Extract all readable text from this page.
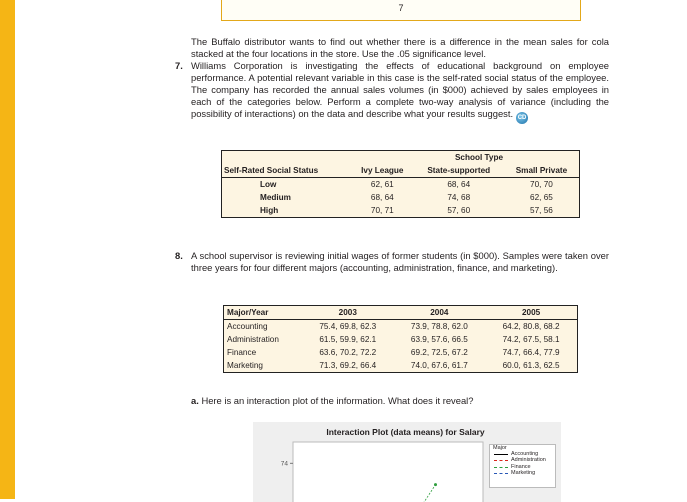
7

The Buffalo distributor wants to find out whether there is a difference in the mean sales for cola stacked at the four locations in the store. Use the .05 significance level.

7. Williams Corporation is investigating the effects of educational background on employee performance. A potential relevant variable in this case is the self-rated social status of the employee. The company has recorded the annual sales volumes (in $000) achieved by sales employees in each of the categories below. Perform a complete two-way analysis of variance (including the possibility of interactions) on the data and describe what your results suggest. CD

	School Type		
Self-Rated Social Status	Ivy League	State-supported	Small Private
Low	62, 61	68, 64	70, 70
Medium	68, 64	74, 68	62, 65
High	70, 71	57, 60	57, 56
8. A school supervisor is reviewing initial wages of former students (in $000). Samples were taken over three years for four different majors (accounting, administration, finance, and marketing).

Major/Year	2003	2004	2005
Accounting	75.4, 69.8, 62.3	73.9, 78.8, 62.0	64.2, 80.8, 68.2
Administration	61.5, 59.9, 62.1	63.9, 57.6, 66.5	74.2, 67.5, 58.1
Finance	63.6, 70.2, 72.2	69.2, 72.5, 67.2	74.7, 66.4, 77.9
Marketing	71.3, 69.2, 66.4	74.0, 67.6, 61.7	60.0, 61.3, 62.5

a. Here is an interaction plot of the information. What does it reveal?

Interaction Plot (data means) for Salary
74
Major
Accounting
Administration
Finance
Marketing
